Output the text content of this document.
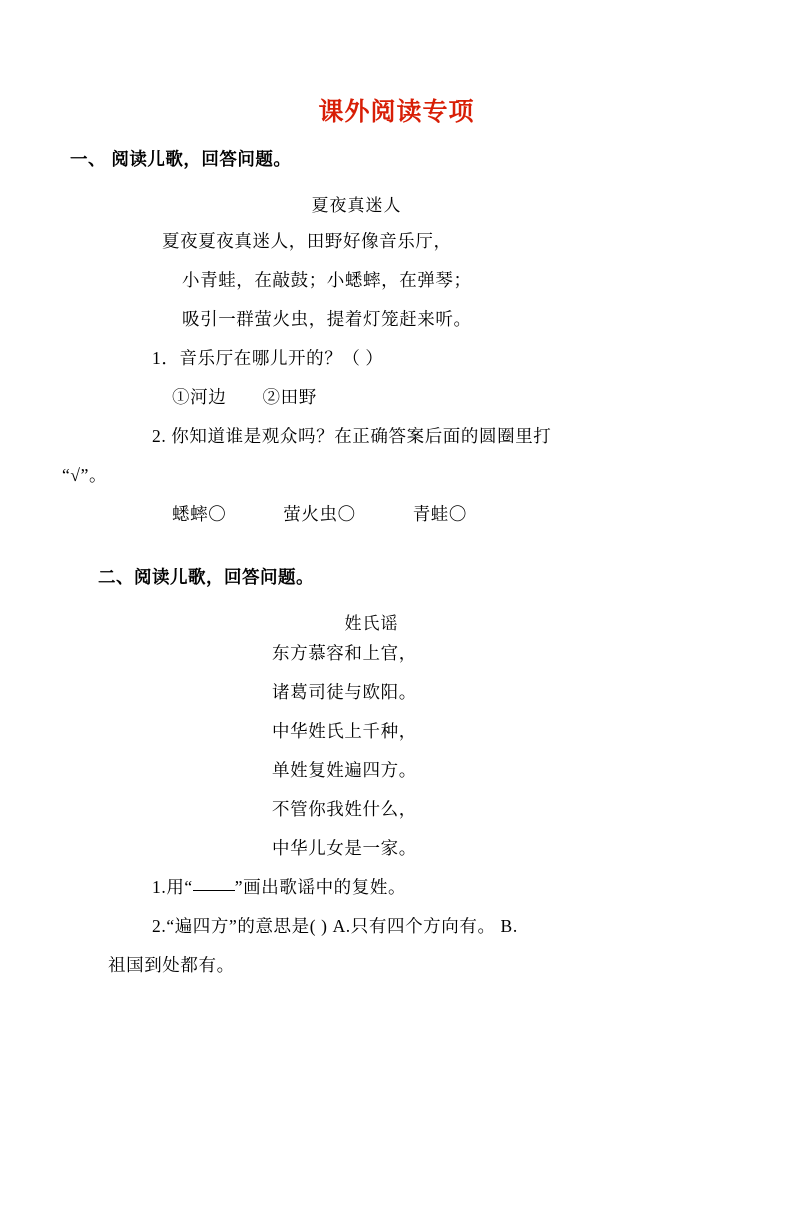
课外阅读专项
一、 阅读儿歌，回答问题。
夏夜真迷人
夏夜夏夜真迷人，田野好像音乐厅，
小青蛙，在敲鼓；小蟋蟀，在弹琴；
吸引一群萤火虫，提着灯笼赶来听。
1．音乐厅在哪儿开的？（ ）
①河边　　②田野
2. 你知道谁是观众吗？在正确答案后面的圆圈里打
“√”。
蟋蟀〇	萤火虫〇	青蛙〇
二、阅读儿歌，回答问题。
姓氏谣
东方慕容和上官，
诸葛司徒与欧阳。
中华姓氏上千种，
单姓复姓遍四方。
不管你我姓什么，
中华儿女是一家。
1.用“ ”画出歌谣中的复姓。
2.“遍四方”的意思是( ) A.只有四个方向有。 B.
祖国到处都有。
